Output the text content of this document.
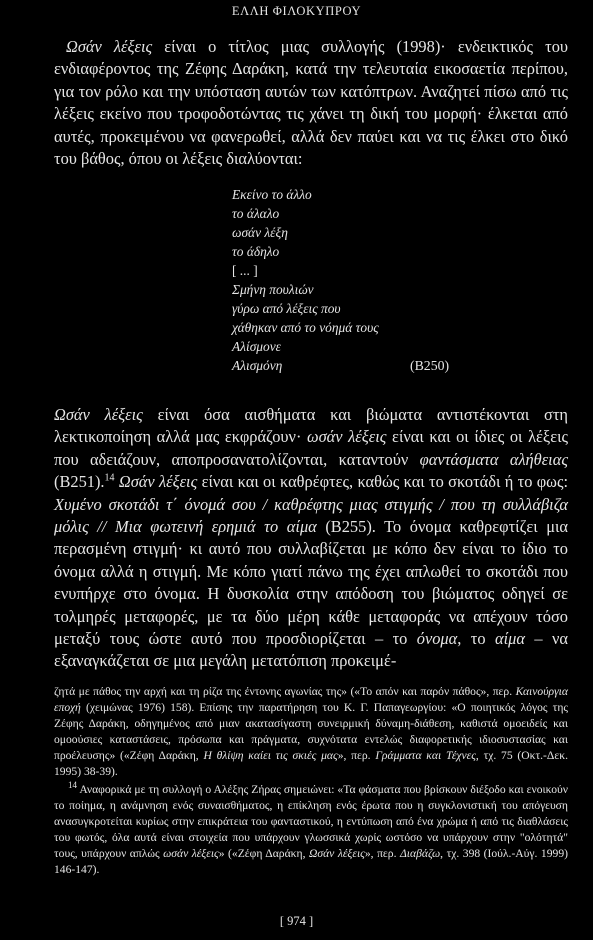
ΕΛΛΗ ΦΙΛΟΚΥΠΡΟΥ

Ωσάν λέξεις είναι ο τίτλος μιας συλλογής (1998)· ενδεικτικός του ενδιαφέροντος της Ζέφης Δαράκη, κατά την τελευταία εικοσαετία περίπου, για τον ρόλο και την υπόσταση αυτών των κατόπτρων. Αναζητεί πίσω από τις λέξεις εκείνο που τροφοδοτώντας τις χάνει τη δική του μορφή· έλκεται από αυτές, προκειμένου να φανερωθεί, αλλά δεν παύει και να τις έλκει στο δικό του βάθος, όπου οι λέξεις διαλύονται:

Εκείνο το άλλο
το άλαλο
ωσάν λέξη
το άδηλο
[ ... ]
Σμήνη πουλιών
γύρω από λέξεις που
χάθηκαν από το νόημά τους
Αλίσμονε
Αλισμόνη	(Β250)

Ωσάν λέξεις είναι όσα αισθήματα και βιώματα αντιστέκονται στη λεκτικοποίηση αλλά μας εκφράζουν· ωσάν λέξεις είναι και οι ίδιες οι λέξεις που αδειάζουν, αποπροσανατολίζονται, καταντούν φαντάσματα αλήθειας (Β251).$^{14}$ Ωσάν λέξεις είναι και οι καθρέφτες, καθώς και το σκοτάδι ή το φως: Χυμένο σκοτάδι τ΄ όνομά σου / καθρέφτης μιας στιγμής / που τη συλλάβιζα μόλις // Μια φωτεινή ερημιά το αίμα (Β255). Το όνομα καθρεφτίζει μια περασμένη στιγμή· κι αυτό που συλλαβίζεται με κόπο δεν είναι το ίδιο το όνομα αλλά η στιγμή. Με κόπο γιατί πάνω της έχει απλωθεί το σκοτάδι που ενυπήρχε στο όνομα. Η δυσκολία στην απόδοση του βιώματος οδηγεί σε τολμηρές μεταφορές, με τα δύο μέρη κάθε μεταφοράς να απέχουν τόσο μεταξύ τους ώστε αυτό που προσδιορίζεται – το όνομα, το αίμα – να εξαναγκάζεται σε μια μεγάλη μετατόπιση προκειμέ-

ζητά με πάθος την αρχή και τη ρίζα της έντονης αγωνίας της» («Το απόν και παρόν πάθος», περ. Καινούργια εποχή (χειμώνας 1976) 158). Επίσης την παρατήρηση του Κ. Γ. Παπαγεωργίου: «Ο ποιητικός λόγος της Ζέφης Δαράκη, οδηγημένος από μιαν ακατασίγαστη συνειρμική δύναμη-διάθεση, καθιστά ομοειδείς και ομοούσιες καταστάσεις, πρόσωπα και πράγματα, συχνότατα εντελώς διαφορετικής ιδιοσυστασίας και προέλευσης» («Ζέφη Δαράκη, Η θλίψη καίει τις σκιές μας», περ. Γράμματα και Τέχνες, τχ. 75 (Οκτ.-Δεκ. 1995) 38-39).

$^{14}$ Αναφορικά με τη συλλογή ο Αλέξης Ζήρας σημειώνει: «Τα φάσματα που βρίσκουν διέξοδο και ενοικούν το ποίημα, η ανάμνηση ενός συναισθήματος, η επίκληση ενός έρωτα που η συγκλονιστική του απόγευση ανασυγκροτείται κυρίως στην επικράτεια του φανταστικού, η εντύπωση από ένα χρώμα ή από τις διαθλάσεις του φωτός, όλα αυτά είναι στοιχεία που υπάρχουν γλωσσικά χωρίς ωστόσο να υπάρχουν στην "ολότητά" τους, υπάρχουν απλώς ωσάν λέξεις» («Ζέφη Δαράκη, Ωσάν λέξεις», περ. Διαβάζω, τχ. 398 (Ιούλ.-Αύγ. 1999) 146-147).

[ 974 ]
